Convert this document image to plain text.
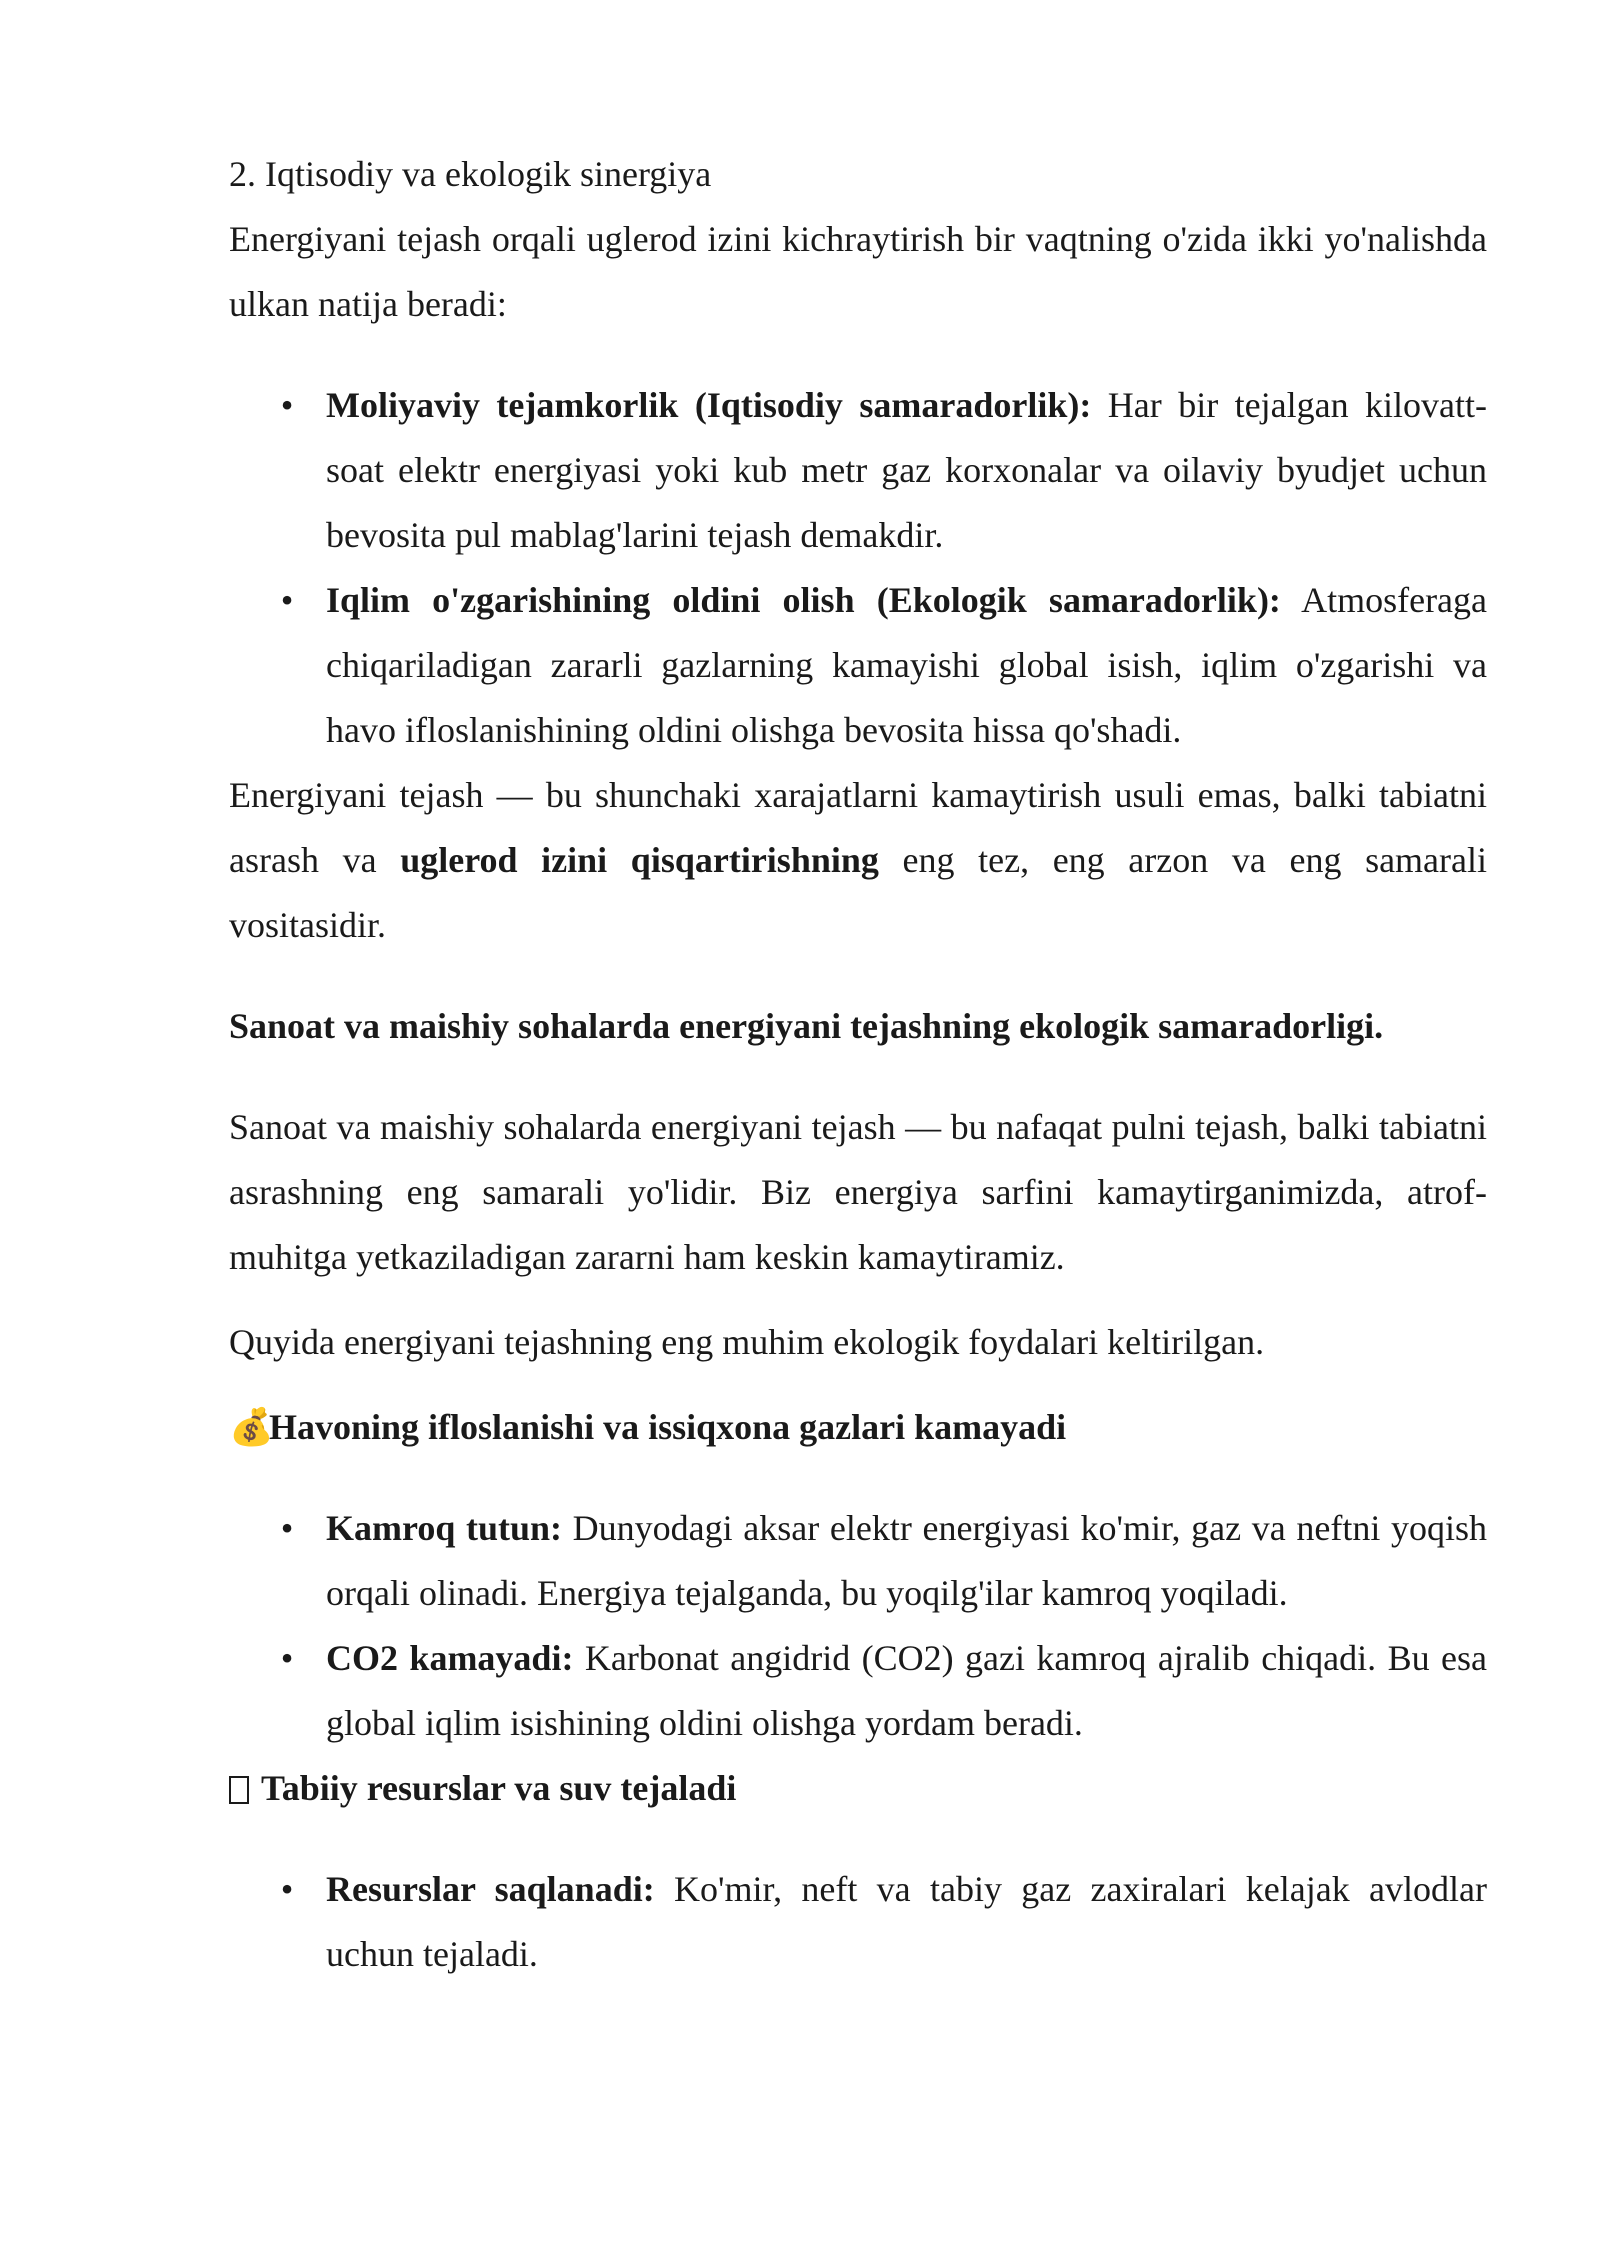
2. Iqtisodiy va ekologik sinergiya

Energiyani tejash orqali uglerod izini kichraytirish bir vaqtning o'zida ikki yo'nalishda ulkan natija beradi:

• Moliyaviy tejamkorlik (Iqtisodiy samaradorlik): Har bir tejalgan kilovatt-soat elektr energiyasi yoki kub metr gaz korxonalar va oilaviy byudjet uchun bevosita pul mablag'larini tejash demakdir.
• Iqlim o'zgarishining oldini olish (Ekologik samaradorlik): Atmosferaga chiqariladigan zararli gazlarning kamayishi global isish, iqlim o'zgarishi va havo ifloslanishining oldini olishga bevosita hissa qo'shadi.

Energiyani tejash — bu shunchaki xarajatlarni kamaytirish usuli emas, balki tabiatni asrash va uglerod izini qisqartirishning eng tez, eng arzon va eng samarali vositasidir.

Sanoat va maishiy sohalarda energiyani tejashning ekologik samaradorligi.

Sanoat va maishiy sohalarda energiyani tejash — bu nafaqat pulni tejash, balki tabiatni asrashning eng samarali yo'lidir. Biz energiya sarfini kamaytirganimizda, atrof-muhitga yetkaziladigan zararni ham keskin kamaytiramiz.

Quyida energiyani tejashning eng muhim ekologik foydalari keltirilgan.

💰Havoning ifloslanishi va issiqxona gazlari kamayadi

• Kamroq tutun: Dunyodagi aksar elektr energiyasi ko'mir, gaz va neftni yoqish orqali olinadi. Energiya tejalganda, bu yoqilg'ilar kamroq yoqiladi.
• CO2 kamayadi: Karbonat angidrid (CO2) gazi kamroq ajralib chiqadi. Bu esa global iqlim isishining oldini olishga yordam beradi.

Tabiiy resurslar va suv tejaladi

• Resurslar saqlanadi: Ko'mir, neft va tabiy gaz zaxiralari kelajak avlodlar uchun tejaladi.
